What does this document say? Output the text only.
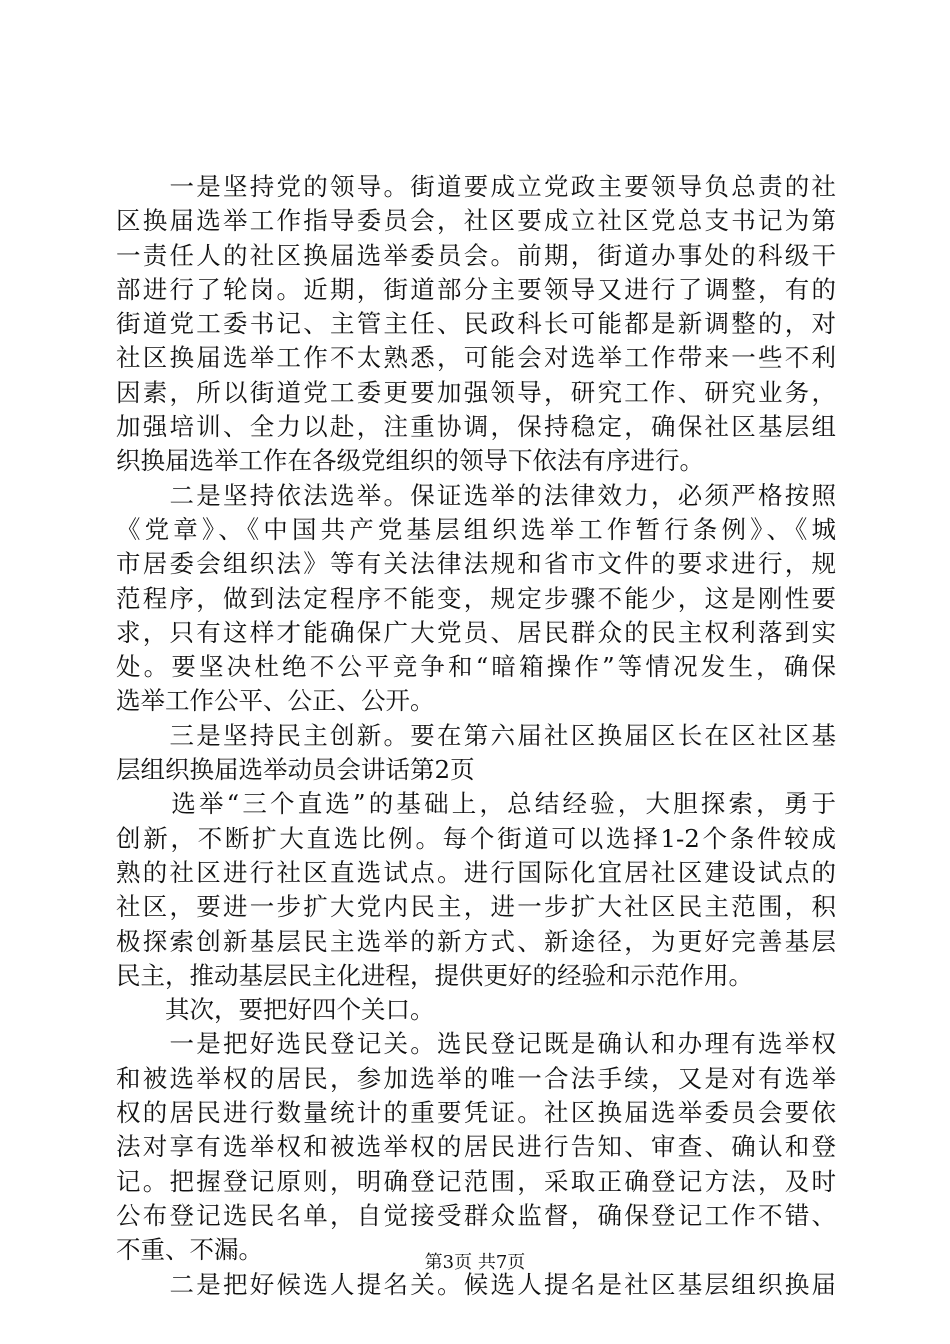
　　一是坚持党的领导。街道要成立党政主要领导负总责的社
区换届选举工作指导委员会，社区要成立社区党总支书记为第
一责任人的社区换届选举委员会。前期，街道办事处的科级干
部进行了轮岗。近期，街道部分主要领导又进行了调整，有的
街道党工委书记、主管主任、民政科长可能都是新调整的，对
社区换届选举工作不太熟悉，可能会对选举工作带来一些不利
因素，所以街道党工委更要加强领导，研究工作、研究业务，
加强培训、全力以赴，注重协调，保持稳定，确保社区基层组
织换届选举工作在各级党组织的领导下依法有序进行。
　　二是坚持依法选举。保证选举的法律效力，必须严格按照
《党章》、《中国共产党基层组织选举工作暂行条例》、《城
市居委会组织法》等有关法律法规和省市文件的要求进行，规
范程序，做到法定程序不能变，规定步骤不能少，这是刚性要
求，只有这样才能确保广大党员、居民群众的民主权利落到实
处。要坚决杜绝不公平竞争和“暗箱操作”等情况发生，确保
选举工作公平、公正、公开。
　　三是坚持民主创新。要在第六届社区换届区长在区社区基
层组织换届选举动员会讲话第2页
　　选举“三个直选”的基础上，总结经验，大胆探索，勇于
创新，不断扩大直选比例。每个街道可以选择1-2个条件较成
熟的社区进行社区直选试点。进行国际化宜居社区建设试点的
社区，要进一步扩大党内民主，进一步扩大社区民主范围，积
极探索创新基层民主选举的新方式、新途径，为更好完善基层
民主，推动基层民主化进程，提供更好的经验和示范作用。
　　其次，要把好四个关口。
　　一是把好选民登记关。选民登记既是确认和办理有选举权
和被选举权的居民，参加选举的唯一合法手续，又是对有选举
权的居民进行数量统计的重要凭证。社区换届选举委员会要依
法对享有选举权和被选举权的居民进行告知、审查、确认和登
记。把握登记原则，明确登记范围，采取正确登记方法，及时
公布登记选民名单，自觉接受群众监督，确保登记工作不错、
不重、不漏。
　　二是把好候选人提名关。候选人提名是社区基层组织换届
第3页 共7页
